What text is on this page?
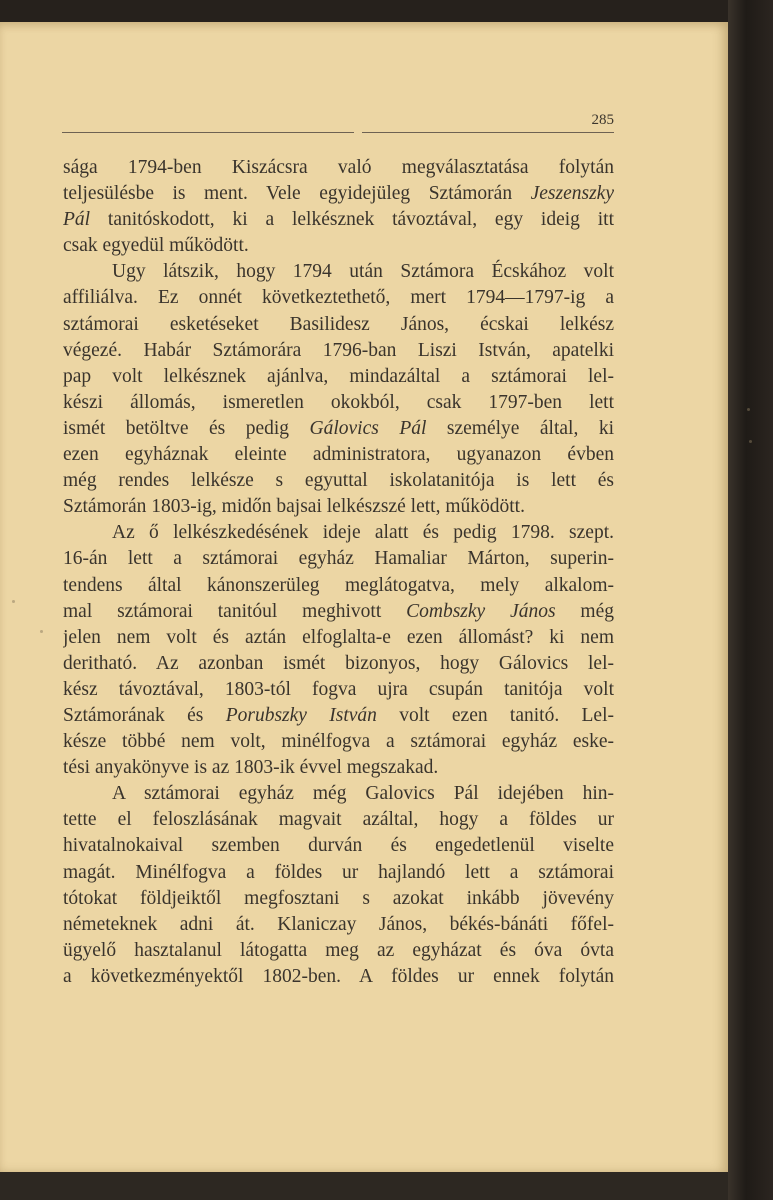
285
sága 1794-ben Kiszácsra való megválasztatása folytán
teljesülésbe is ment. Vele egyidejüleg Sztámorán Jeszenszky
Pál tanitóskodott, ki a lelkésznek távoztával, egy ideig itt
csak egyedül működött.
Ugy látszik, hogy 1794 után Sztámora Écskához volt
affiliálva. Ez onnét következtethető, mert 1794—1797-ig a
sztámorai esketéseket Basilidesz János, écskai lelkész
végezé. Habár Sztámorára 1796-ban Liszi István, apatelki
pap volt lelkésznek ajánlva, mindazáltal a sztámorai lel-
készi állomás, ismeretlen okokból, csak 1797-ben lett
ismét betöltve és pedig Gálovics Pál személye által, ki
ezen egyháznak eleinte administratora, ugyanazon évben
még rendes lelkésze s egyuttal iskolatanitója is lett és
Sztámorán 1803-ig, midőn bajsai lelkészszé lett, működött.
Az ő lelkészkedésének ideje alatt és pedig 1798. szept.
16-án lett a sztámorai egyház Hamaliar Márton, superin-
tendens által kánonszerüleg meglátogatva, mely alkalom-
mal sztámorai tanitóul meghivott Combszky János még
jelen nem volt és aztán elfoglalta-e ezen állomást? ki nem
deritható. Az azonban ismét bizonyos, hogy Gálovics lel-
kész távoztával, 1803-tól fogva ujra csupán tanitója volt
Sztámorának és Porubszky István volt ezen tanitó. Lel-
késze többé nem volt, minélfogva a sztámorai egyház eske-
tési anyakönyve is az 1803-ik évvel megszakad.
A sztámorai egyház még Galovics Pál idejében hin-
tette el feloszlásának magvait azáltal, hogy a földes ur
hivatalnokaival szemben durván és engedetlenül viselte
magát. Minélfogva a földes ur hajlandó lett a sztámorai
tótokat földjeiktől megfosztani s azokat inkább jövevény
németeknek adni át. Klaniczay János, békés-bánáti főfel-
ügyelő hasztalanul látogatta meg az egyházat és óva óvta
a következményektől 1802-ben. A földes ur ennek folytán
